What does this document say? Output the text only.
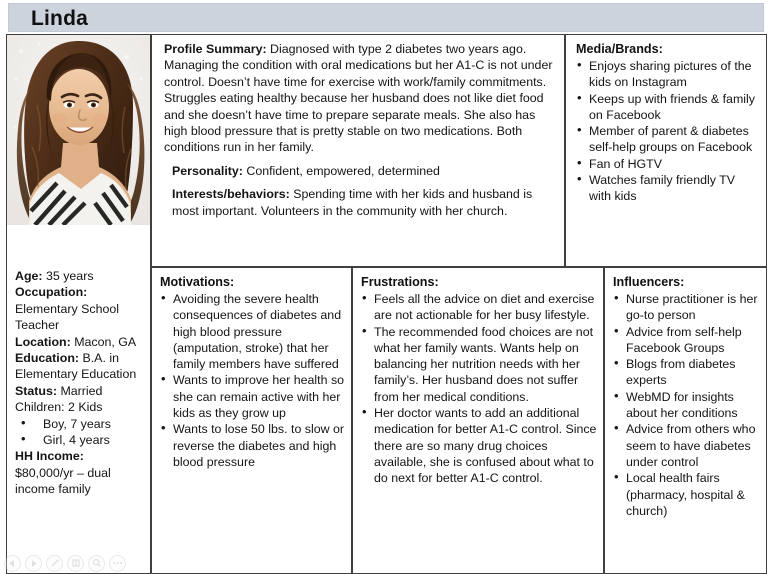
Linda
Age: 35 years
Occupation:
Elementary School Teacher
Location: Macon, GA
Education: B.A. in Elementary Education
Status: Married
Children: 2 Kids
• Boy, 7 years
• Girl, 4 years
HH Income:
$80,000/yr – dual income family

Profile Summary: Diagnosed with type 2 diabetes two years ago. Managing the condition with oral medications but her A1-C is not under control. Doesn’t have time for exercise with work/family commitments. Struggles eating healthy because her husband does not like diet food and she doesn’t have time to prepare separate meals. She also has high blood pressure that is pretty stable on two medications. Both conditions run in her family.

Personality: Confident, empowered, determined

Interests/behaviors: Spending time with her kids and husband is most important. Volunteers in the community with her church.

Media/Brands:
• Enjoys sharing pictures of the kids on Instagram
• Keeps up with friends & family on Facebook
• Member of parent & diabetes self-help groups on Facebook
• Fan of HGTV
• Watches family friendly TV with kids
Motivations:
• Avoiding the severe health consequences of diabetes and high blood pressure (amputation, stroke) that her family members have suffered
• Wants to improve her health so she can remain active with her kids as they grow up
• Wants to lose 50 lbs. to slow or reverse the diabetes and high blood pressure
Frustrations:
• Feels all the advice on diet and exercise are not actionable for her busy lifestyle.
• The recommended food choices are not what her family wants. Wants help on balancing her nutrition needs with her family’s. Her husband does not suffer from her medical conditions.
• Her doctor wants to add an additional medication for better A1-C control. Since there are so many drug choices available, she is confused about what to do next for better A1-C control.
Influencers:
• Nurse practitioner is her go-to person
• Advice from self-help Facebook Groups
• Blogs from diabetes experts
• WebMD for insights about her conditions
• Advice from others who seem to have diabetes under control
• Local health fairs (pharmacy, hospital & church)
